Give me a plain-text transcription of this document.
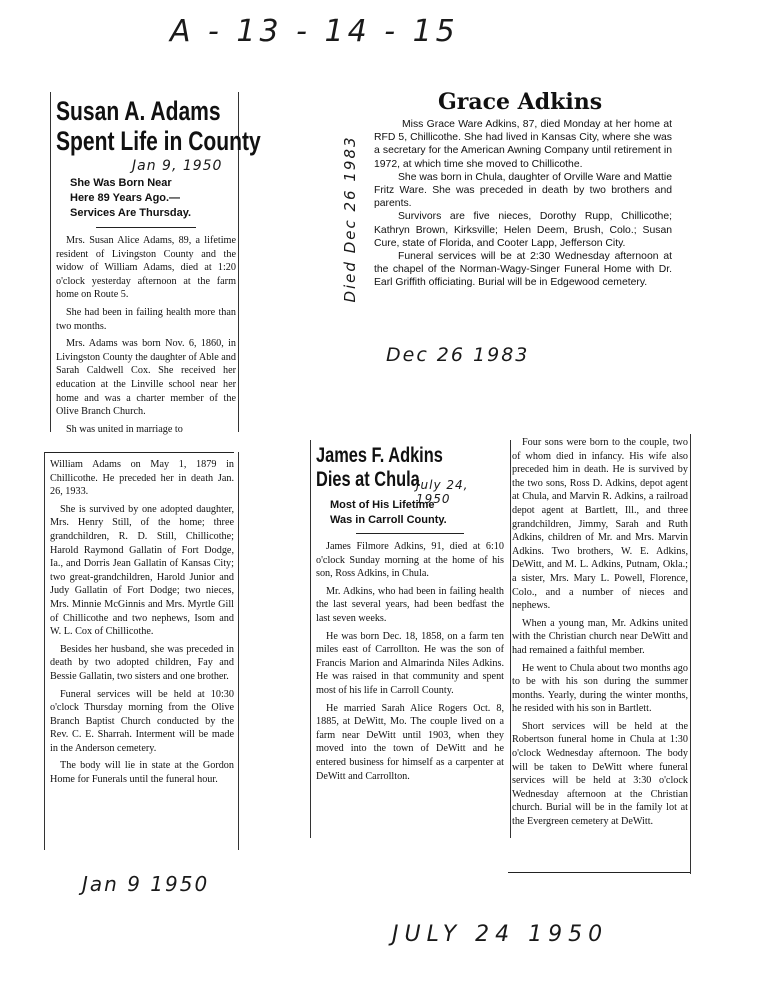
A - 13 - 14 - 15
Susan A. Adams
Spent Life in County
Jan 9, 1950
She Was Born Near
Here 89 Years Ago.—
Services Are Thursday.

Mrs. Susan Alice Adams, 89, a lifetime resident of Livingston County and the widow of William Adams, died at 1:20 o'clock yesterday afternoon at the farm home on Route 5.

She had been in failing health more than two months.

Mrs. Adams was born Nov. 6, 1860, in Livingston County the daughter of Able and Sarah Caldwell Cox. She received her education at the Linville school near her home and was a charter member of the Olive Branch Church.

Sh was united in marriage to

William Adams on May 1, 1879 in Chillicothe. He preceded her in death Jan. 26, 1933.

She is survived by one adopted daughter, Mrs. Henry Still, of the home; three grandchildren, R. D. Still, Chillicothe; Harold Raymond Gallatin of Fort Dodge, Ia., and Dorris Jean Gallatin of Kansas City; two great-grandchildren, Harold Junior and Judy Gallatin of Fort Dodge; two nieces, Mrs. Minnie McGinnis and Mrs. Myrtle Gill of Chillicothe and two nephews, Isom and W. L. Cox of Chillicothe.

Besides her husband, she was preceded in death by two adopted children, Fay and Bessie Gallatin, two sisters and one brother.

Funeral services will be held at 10:30 o'clock Thursday morning from the Olive Branch Baptist Church conducted by the Rev. C. E. Sharrah. Interment will be made in the Anderson cemetery.

The body will lie in state at the Gordon Home for Funerals until the funeral hour.

Jan 9 1950
Died Dec 26 1983
Grace Adkins

Miss Grace Ware Adkins, 87, died Monday at her home at RFD 5, Chillicothe. She had lived in Kansas City, where she was a secretary for the American Awning Company until retirement in 1972, at which time she moved to Chillicothe.

She was born in Chula, daughter of Orville Ware and Mattie Fritz Ware. She was preceded in death by two brothers and parents.

Survivors are five nieces, Dorothy Rupp, Chillicothe; Kathryn Brown, Kirksville; Helen Deem, Brush, Colo.; Susan Cure, state of Florida, and Cooter Lapp, Jefferson City.

Funeral services will be at 2:30 Wednesday afternoon at the chapel of the Norman-Wagy-Singer Funeral Home with Dr. Earl Griffith officiating. Burial will be in Edgewood cemetery.

Dec 26 1983
James F. Adkins
Dies at Chula
July 24, 1950
Most of His Lifetime
Was in Carroll County.

James Filmore Adkins, 91, died at 6:10 o'clock Sunday morning at the home of his son, Ross Adkins, in Chula.

Mr. Adkins, who had been in failing health the last several years, had been bedfast the last seven weeks.

He was born Dec. 18, 1858, on a farm ten miles east of Carrollton. He was the son of Francis Marion and Almarinda Niles Adkins. He was raised in that community and spent most of his life in Carroll County.

He married Sarah Alice Rogers Oct. 8, 1885, at DeWitt, Mo. The couple lived on a farm near DeWitt until 1903, when they moved into the town of DeWitt and he entered business for himself as a carpenter at DeWitt and Carrollton.

Four sons were born to the couple, two of whom died in infancy. His wife also preceded him in death. He is survived by the two sons, Ross D. Adkins, depot agent at Chula, and Marvin R. Adkins, a railroad depot agent at Bartlett, Ill., and three grandchildren, Jimmy, Sarah and Ruth Adkins, children of Mr. and Mrs. Marvin Adkins. Two brothers, W. E. Adkins, DeWitt, and M. L. Adkins, Putnam, Okla.; a sister, Mrs. Mary L. Powell, Florence, Colo., and a number of nieces and nephews.

When a young man, Mr. Adkins united with the Christian church near DeWitt and had remained a faithful member.

He went to Chula about two months ago to be with his son during the summer months. Yearly, during the winter months, he resided with his son in Bartlett.

Short services will be held at the Robertson funeral home in Chula at 1:30 o'clock Wednesday afternoon. The body will be taken to DeWitt where funeral services will be held at 3:30 o'clock Wednesday afternoon at the Christian church. Burial will be in the family lot at the Evergreen cemetery at DeWitt.

JULY 24 1950
